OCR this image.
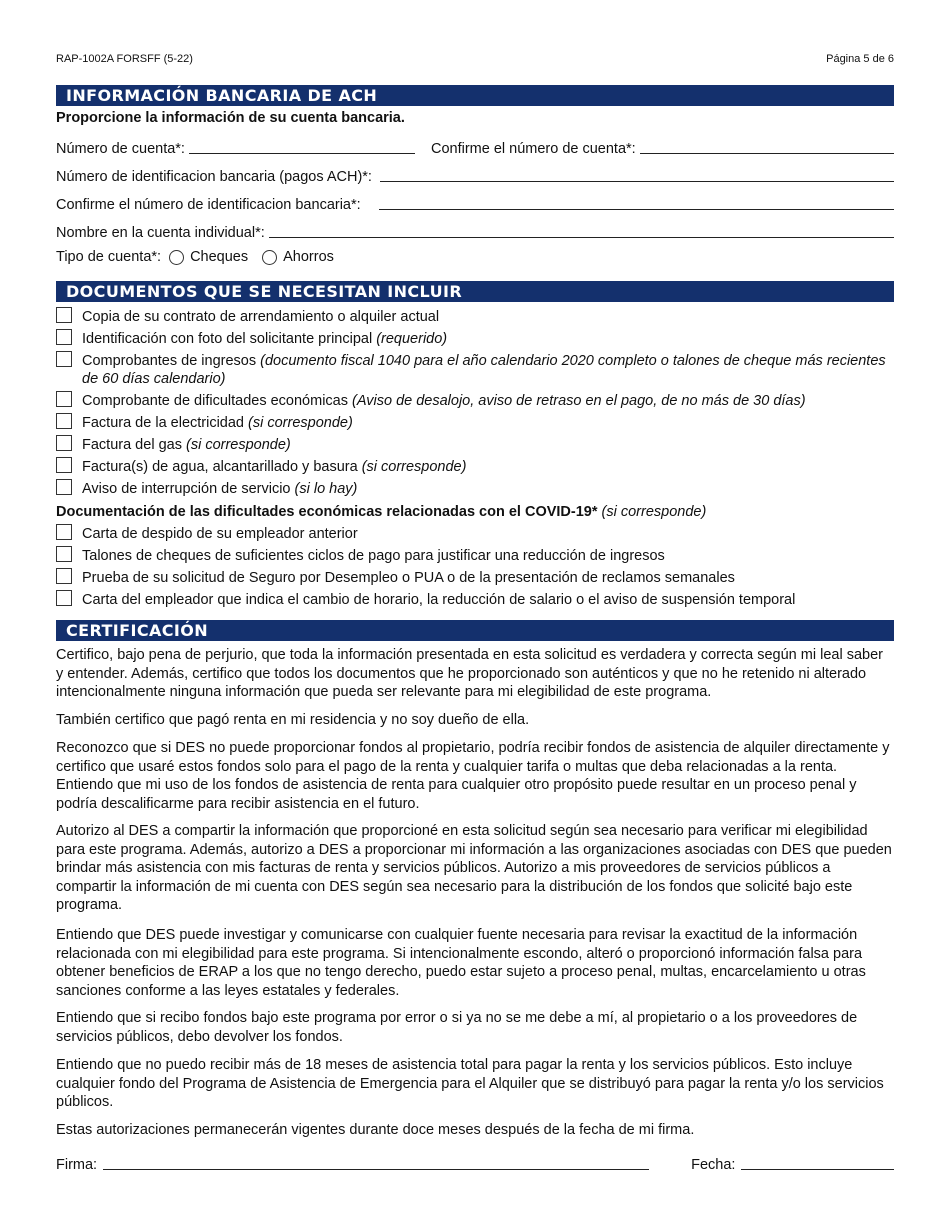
RAP-1002A FORSFF (5-22)	Página 5 de 6
INFORMACIÓN BANCARIA DE ACH
Proporcione la información de su cuenta bancaria.
Número de cuenta*:	Confirme el número de cuenta*:
Número de identificacion bancaria (pagos ACH)*:
Confirme el número de identificacion bancaria*:
Nombre en la cuenta individual*:
Tipo de cuenta*: Cheques Ahorros
DOCUMENTOS QUE SE NECESITAN INCLUIR
Copia de su contrato de arrendamiento o alquiler actual
Identificación con foto del solicitante principal (requerido)
Comprobantes de ingresos (documento fiscal 1040 para el año calendario 2020 completo o talones de cheque más recientes de 60 días calendario)
Comprobante de dificultades económicas (Aviso de desalojo, aviso de retraso en el pago, de no más de 30 días)
Factura de la electricidad (si corresponde)
Factura del gas (si corresponde)
Factura(s) de agua, alcantarillado y basura (si corresponde)
Aviso de interrupción de servicio (si lo hay)
Documentación de las dificultades económicas relacionadas con el COVID-19* (si corresponde)
Carta de despido de su empleador anterior
Talones de cheques de suficientes ciclos de pago para justificar una reducción de ingresos
Prueba de su solicitud de Seguro por Desempleo o PUA o de la presentación de reclamos semanales
Carta del empleador que indica el cambio de horario, la reducción de salario o el aviso de suspensión temporal
CERTIFICACIÓN

Certifico, bajo pena de perjurio, que toda la información presentada en esta solicitud es verdadera y correcta según mi leal saber y entender. Además, certifico que todos los documentos que he proporcionado son auténticos y que no he retenido ni alterado intencionalmente ninguna información que pueda ser relevante para mi elegibilidad de este programa.

También certifico que pagó renta en mi residencia y no soy dueño de ella.

Reconozco que si DES no puede proporcionar fondos al propietario, podría recibir fondos de asistencia de alquiler directamente y certifico que usaré estos fondos solo para el pago de la renta y cualquier tarifa o multas que deba relacionadas a la renta. Entiendo que mi uso de los fondos de asistencia de renta para cualquier otro propósito puede resultar en un proceso penal y podría descalificarme para recibir asistencia en el futuro.

Autorizo al DES a compartir la información que proporcioné en esta solicitud según sea necesario para verificar mi elegibilidad para este programa. Además, autorizo a DES a proporcionar mi información a las organizaciones asociadas con DES que pueden brindar más asistencia con mis facturas de renta y servicios públicos. Autorizo a mis proveedores de servicios públicos a compartir la información de mi cuenta con DES según sea necesario para la distribución de los fondos que solicité bajo este programa.

Entiendo que DES puede investigar y comunicarse con cualquier fuente necesaria para revisar la exactitud de la información relacionada con mi elegibilidad para este programa. Si intencionalmente escondo, alteró o proporcionó información falsa para obtener beneficios de ERAP a los que no tengo derecho, puedo estar sujeto a proceso penal, multas, encarcelamiento u otras sanciones conforme a las leyes estatales y federales.

Entiendo que si recibo fondos bajo este programa por error o si ya no se me debe a mí, al propietario o a los proveedores de servicios públicos, debo devolver los fondos.

Entiendo que no puedo recibir más de 18 meses de asistencia total para pagar la renta y los servicios públicos. Esto incluye cualquier fondo del Programa de Asistencia de Emergencia para el Alquiler que se distribuyó para pagar la renta y/o los servicios públicos.

Estas autorizaciones permanecerán vigentes durante doce meses después de la fecha de mi firma.

Firma:	Fecha:
